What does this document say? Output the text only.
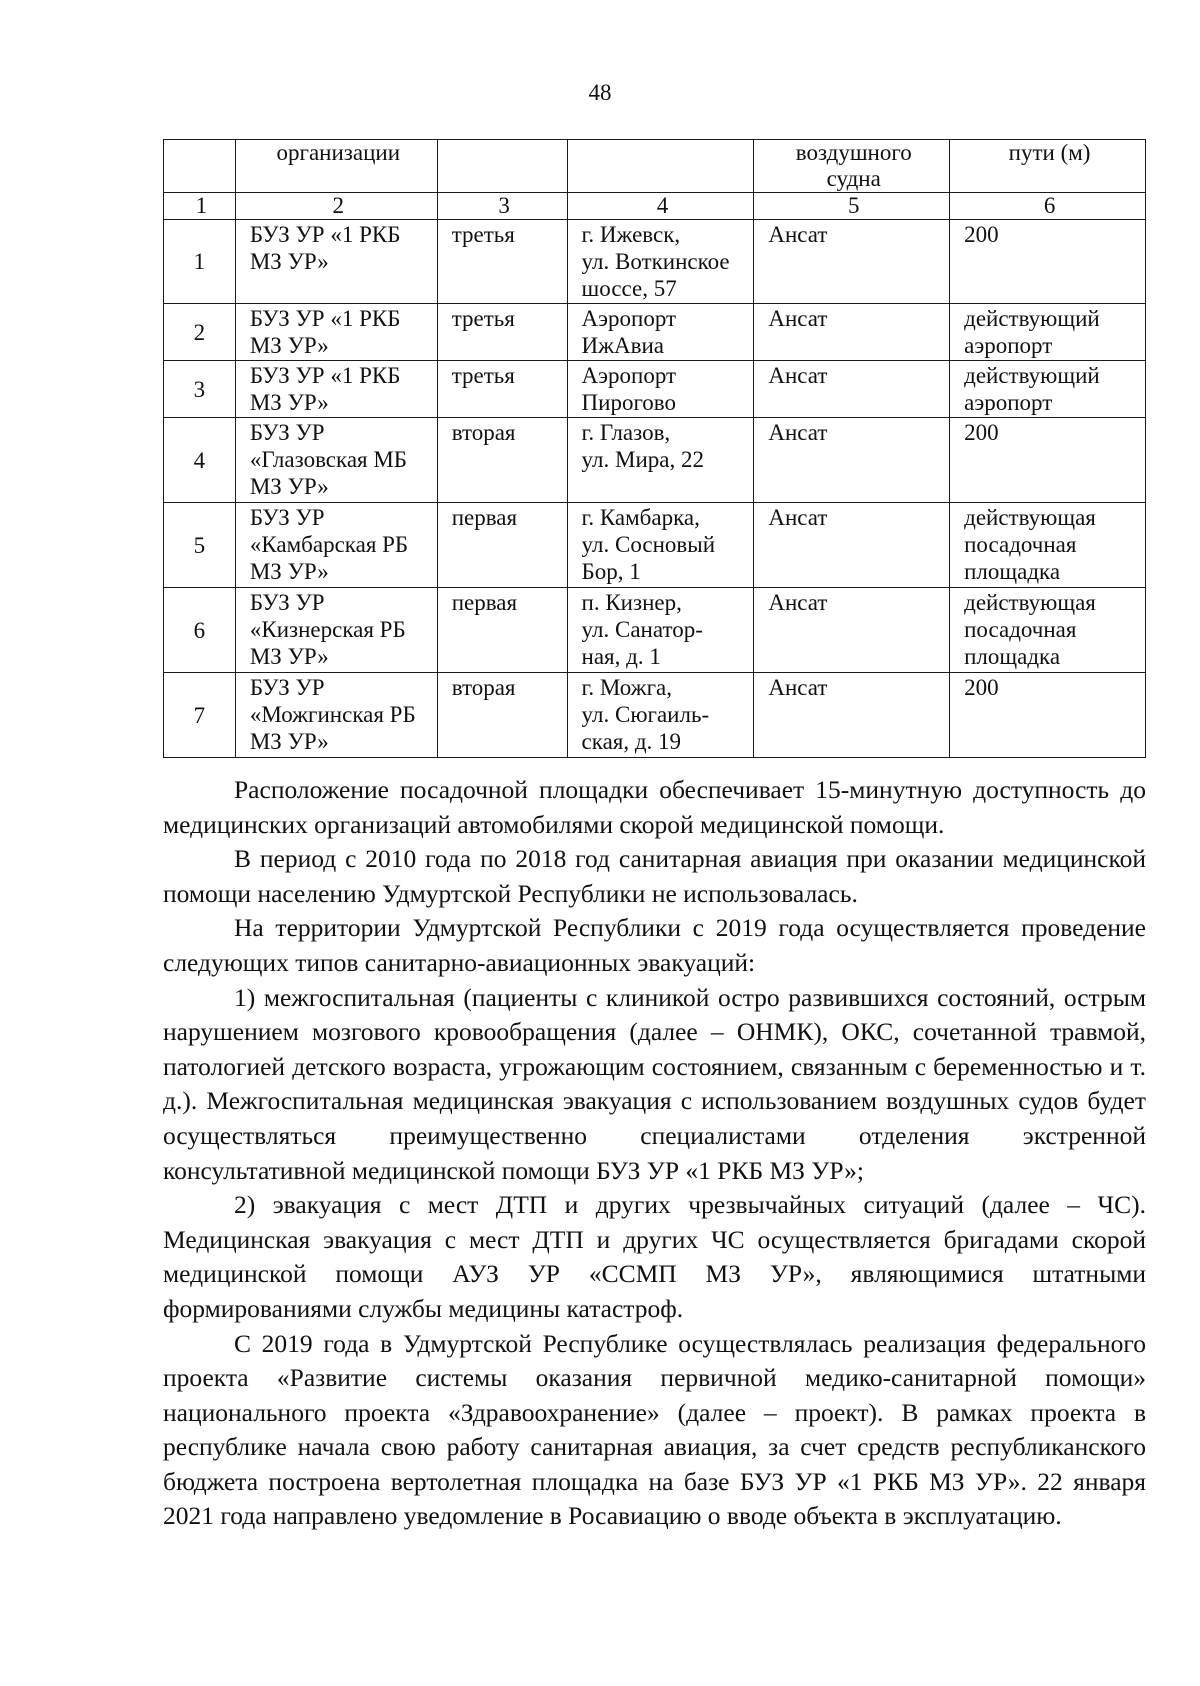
48
	организации			воздушного судна	пути (м)
1	2	3	4	5	6
1	БУЗ УР «1 РКБ
МЗ УР»	третья	г. Ижевск,
ул. Воткинское
шоссе, 57	Ансат	200
2	БУЗ УР «1 РКБ
МЗ УР»	третья	Аэропорт
ИжАвиа	Ансат	действующий
аэропорт
3	БУЗ УР «1 РКБ
МЗ УР»	третья	Аэропорт
Пирогово	Ансат	действующий
аэропорт
4	БУЗ УР
«Глазовская МБ
МЗ УР»	вторая	г. Глазов,
ул. Мира, 22	Ансат	200
5	БУЗ УР
«Камбарская РБ
МЗ УР»	первая	г. Камбарка,
ул. Сосновый
Бор, 1	Ансат	действующая
посадочная
площадка
6	БУЗ УР
«Кизнерская РБ
МЗ УР»	первая	п. Кизнер,
ул. Санатор-
ная, д. 1	Ансат	действующая
посадочная
площадка
7	БУЗ УР
«Можгинская РБ
МЗ УР»	вторая	г. Можга,
ул. Сюгаиль-
ская, д. 19	Ансат	200

Расположение посадочной площадки обеспечивает 15-минутную доступность до медицинских организаций автомобилями скорой медицинской помощи.

В период с 2010 года по 2018 год санитарная авиация при оказании медицинской помощи населению Удмуртской Республики не использовалась.

На территории Удмуртской Республики с 2019 года осуществляется проведение следующих типов санитарно-авиационных эвакуаций:

1) межгоспитальная (пациенты с клиникой остро развившихся состояний, острым нарушением мозгового кровообращения (далее – ОНМК), ОКС, сочетанной травмой, патологией детского возраста, угрожающим состоянием, связанным с беременностью и т. д.). Межгоспитальная медицинская эвакуация с использованием воздушных судов будет осуществляться преимущественно специалистами отделения экстренной консультативной медицинской помощи БУЗ УР «1 РКБ МЗ УР»;

2) эвакуация с мест ДТП и других чрезвычайных ситуаций (далее – ЧС). Медицинская эвакуация с мест ДТП и других ЧС осуществляется бригадами скорой медицинской помощи АУЗ УР «ССМП МЗ УР», являющимися штатными формированиями службы медицины катастроф.

С 2019 года в Удмуртской Республике осуществлялась реализация федерального проекта «Развитие системы оказания первичной медико-санитарной помощи» национального проекта «Здравоохранение» (далее – проект). В рамках проекта в республике начала свою работу санитарная авиация, за счет средств республиканского бюджета построена вертолетная площадка на базе БУЗ УР «1 РКБ МЗ УР». 22 января 2021 года направлено уведомление в Росавиацию о вводе объекта в эксплуатацию.
